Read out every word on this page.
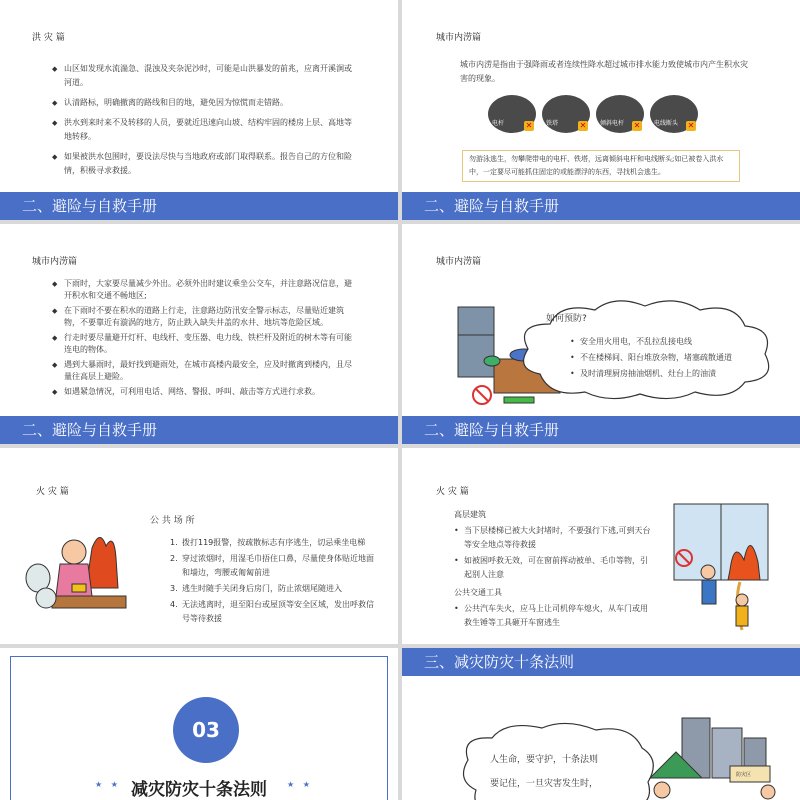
洪 灾 篇
◆ 山区如发现水流湍急、混浊及夹杂泥沙时，可能是山洪暴发的前兆，应离开溪涧或河道。
◆ 认清路标，明确撤离的路线和目的地，避免因为惊慌而走错路。
◆ 洪水到来时来不及转移的人员，要就近迅速向山坡、结构牢固的楼房上层、高地等地转移。
◆ 如果被洪水包围时，要设法尽快与当地政府或部门取得联系。报告自己的方位和险情，积极寻求救援。
二、避险与自救手册
城市内涝篇
城市内涝是指由于强降雨或者连续性降水超过城市排水能力致使城市内产生积水灾害的现象。
电杆	✕ 铁塔	✕ 倾斜电杆 ✕ 电线断头 ✕
勿游泳逃生，勿攀爬带电的电杆、铁塔，远离倾斜电杆和电线断头;如已被卷入洪水中，一定要尽可能抓住固定的或能漂浮的东西，寻找机会逃生。
二、避险与自救手册
城市内涝篇
◆ 下雨时，大家要尽量减少外出。必须外出时建议乘坐公交车，并注意路况信息，避开积水和交通不畅地区;
◆ 在下雨时不要在积水的道路上行走，注意路边防汛安全警示标志，尽量贴近建筑物，不要靠近有漩涡的地方，防止跌入缺失井盖的水井、地坑等危险区域。
◆ 行走时要尽量避开灯杆、电线杆、变压器、电力线、铁栏杆及附近的树木等有可能连电的物体。
◆ 遇到大暴雨时，最好找到避雨处，在城市高楼内最安全，应及时撤离到楼内，且尽量往高层上避险。
◆ 如遇紧急情况，可利用电话、网络、警报、呼叫、敲击等方式进行求救。
二、避险与自救手册
城市内涝篇
如何预防?
• 安全用火用电，不乱拉乱接电线
• 不在楼梯间、阳台堆放杂物，堵塞疏散通道
• 及时清理厨房抽油烟机、灶台上的油渍
二、避险与自救手册
火 灾 篇
公 共 场 所
1. 拨打119报警，按疏散标志有序逃生，切忌乘坐电梯
2. 穿过浓烟时，用湿毛巾捂住口鼻，尽量使身体贴近地面和墙边，弯腰或匍匐前进
3. 逃生时随手关闭身后房门，防止浓烟尾随进入
4. 无法逃离时，退至阳台或屋顶等安全区域，发出呼救信号等待救援
火 灾 篇
高层建筑
• 当下层楼梯已被大火封堵时，不要强行下逃,可到天台等安全地点等待救援
• 如被困呼救无效，可在窗前挥动被单、毛巾等物，引起别人注意
公共交通工具
• 公共汽车失火，应马上让司机停车熄火，从车门或用救生锤等工具砸开车窗逃生
03
减灾防灾十条法则
★ ★	★ ★
三、减灾防灾十条法则
人生命，要守护，十条法则
要记住，一旦灾害发生时，
防灾区
